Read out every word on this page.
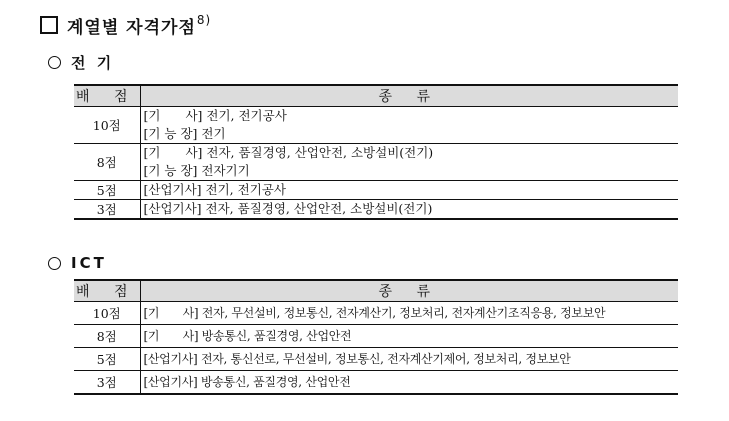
계열별 자격가점 8)
전 기
배 점	종 류
10점	[기　　사] 전기, 전기공사
[기 능 장] 전기

8점	[기　　사] 전자, 품질경영, 산업안전, 소방설비(전기)
[기 능 장] 전자기기

5점	[산업기사] 전기, 전기공사

3점	[산업기사] 전자, 품질경영, 산업안전, 소방설비(전기)
ICT
배 점	종 류
10점	[기　　사] 전자, 무선설비, 정보통신, 전자계산기, 정보처리, 전자계산기조직응용, 정보보안

8점	[기　　사] 방송통신, 품질경영, 산업안전

5점	[산업기사] 전자, 통신선로, 무선설비, 정보통신, 전자계산기제어, 정보처리, 정보보안

3점	[산업기사] 방송통신, 품질경영, 산업안전
